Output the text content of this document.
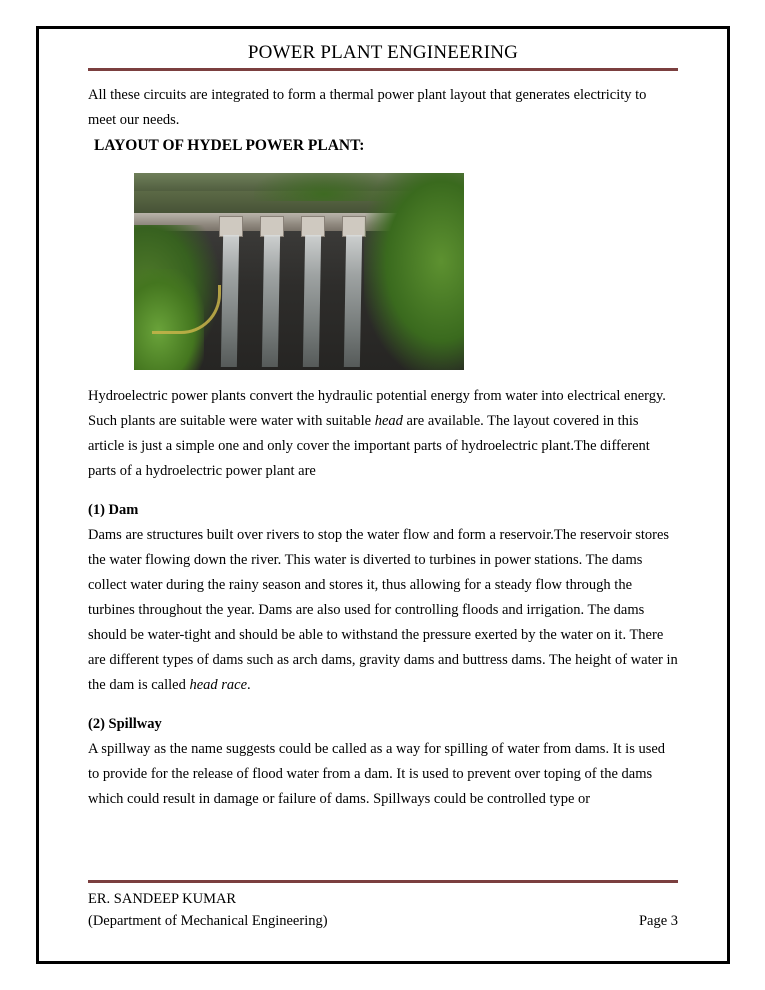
POWER PLANT ENGINEERING

All these circuits are integrated to form a thermal power plant layout that generates electricity to meet our needs.

LAYOUT OF HYDEL POWER PLANT:

Hydroelectric power plants convert the hydraulic potential energy from water into electrical energy. Such plants are suitable were water with suitable head are available. The layout covered in this article is just a simple one and only cover the important parts of hydroelectric plant.The different parts of a hydroelectric power plant are

(1) Dam

Dams are structures built over rivers to stop the water flow and form a reservoir.The reservoir stores the water flowing down the river. This water is diverted to turbines in power stations. The dams collect water during the rainy season and stores it, thus allowing for a steady flow through the turbines throughout the year. Dams are also used for controlling floods and irrigation. The dams should be water-tight and should be able to withstand the pressure exerted by the water on it. There are different types of dams such as arch dams, gravity dams and buttress dams. The height of water in the dam is called head race.

(2) Spillway

A spillway as the name suggests could be called as a way for spilling of water from dams. It is used to provide for the release of flood water from a dam. It is used to prevent over toping of the dams which could result in damage or failure of dams. Spillways could be controlled type or

ER. SANDEEP KUMAR
(Department of Mechanical Engineering)	Page 3
